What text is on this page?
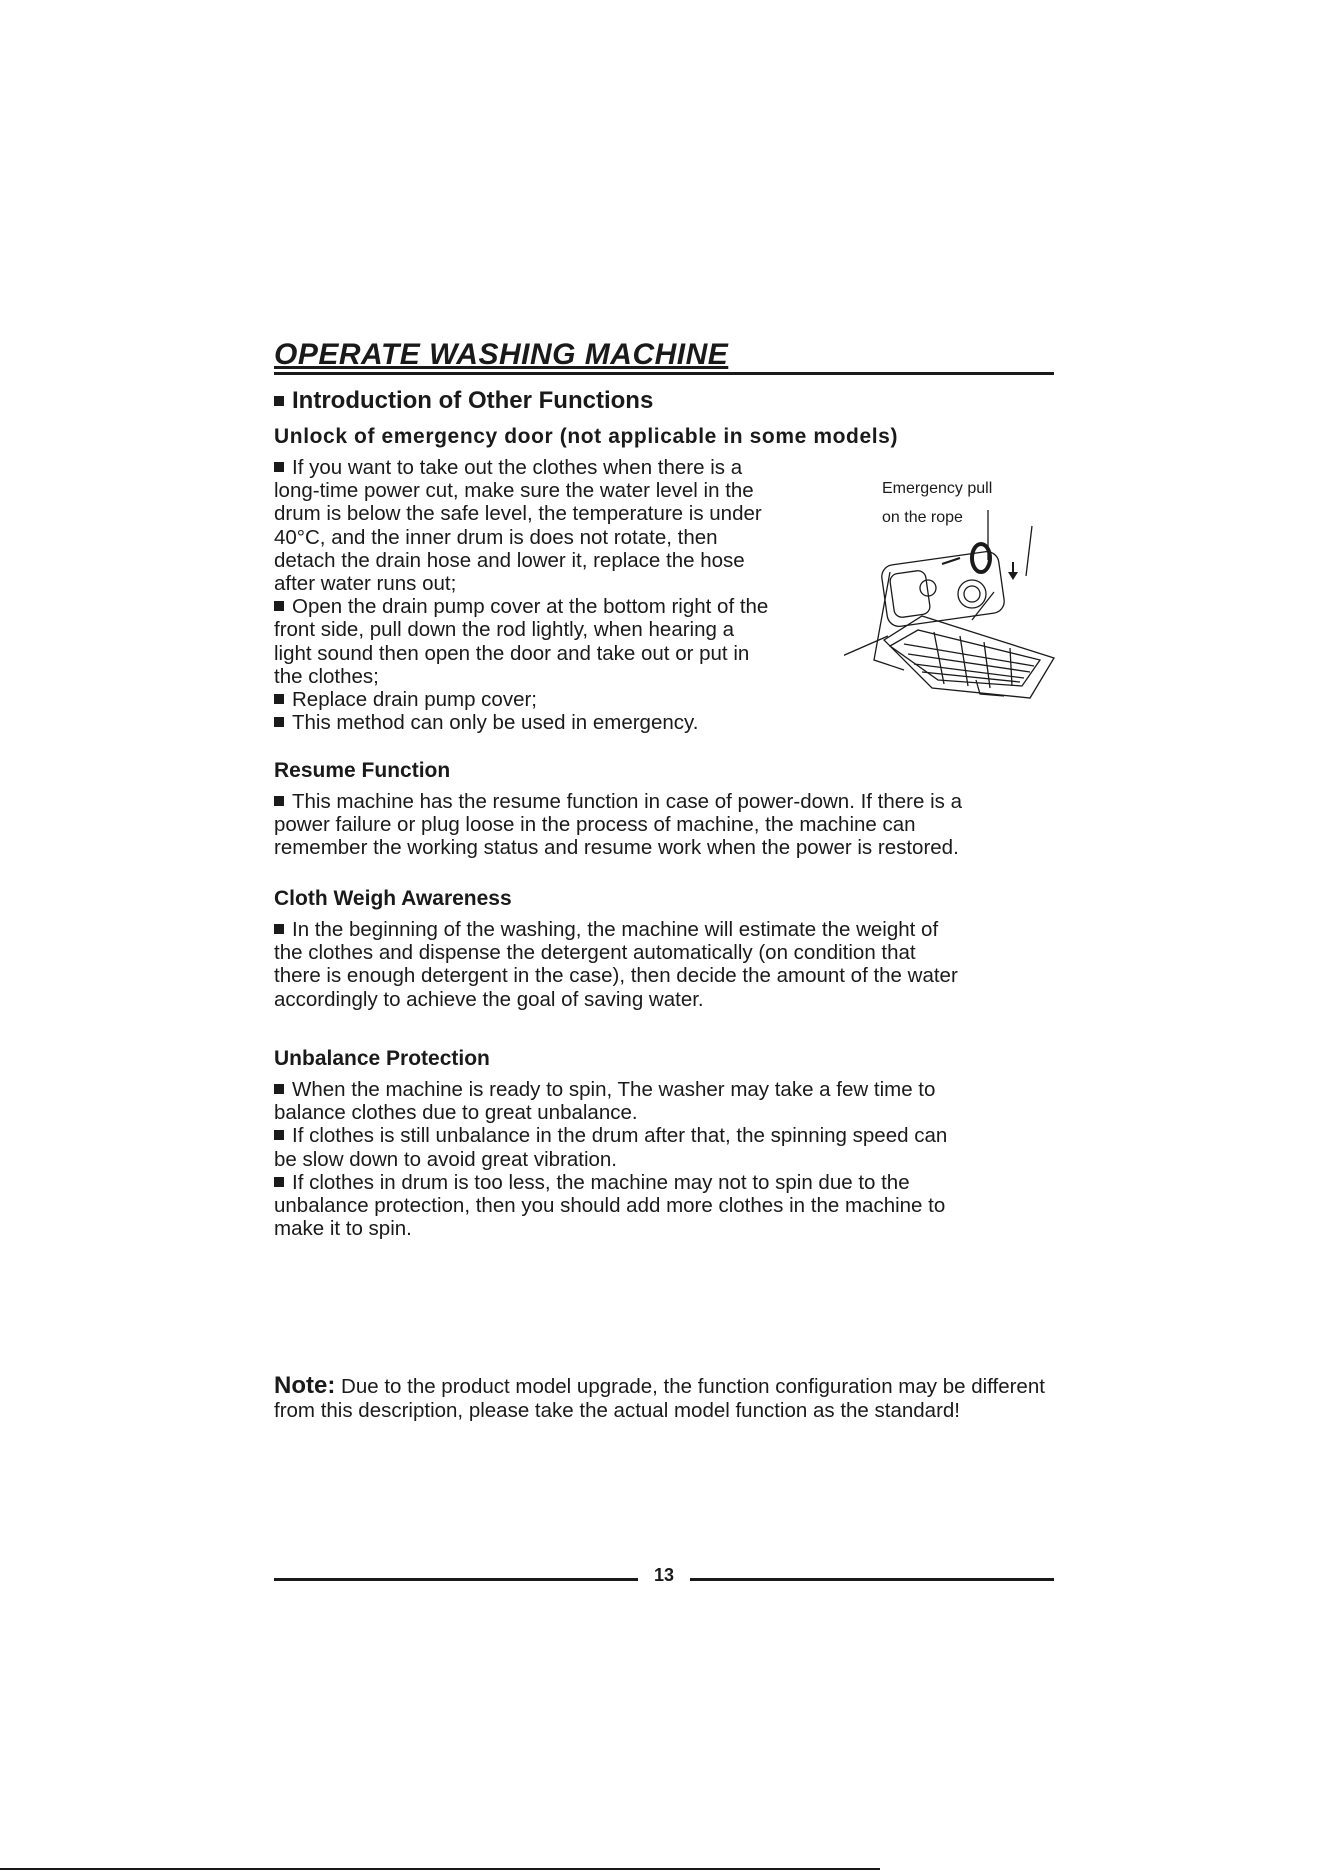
OPERATE WASHING MACHINE
Introduction of Other Functions
Unlock of emergency door (not applicable in some models)

If you want to take out the clothes when there is a

long-time power cut, make sure the water level in the

drum is below the safe level, the temperature is under

40°C, and the inner drum is does not rotate, then

detach the drain hose and lower it, replace the hose

after water runs out;

Open the drain pump cover at the bottom right of the

front side, pull down the rod lightly, when hearing a

light sound then open the door and take out or put in

the clothes;

Replace drain pump cover;

This method can only be used in emergency.

Emergency pull
on the rope
Resume Function

This machine has the resume function in case of power-down. If there is a

power failure or plug loose in the process of machine, the machine can

remember the working status and resume work when the power is restored.

Cloth Weigh Awareness

In the beginning of the washing, the machine will estimate the weight of

the clothes and dispense the detergent automatically (on condition that

there is enough detergent in the case), then decide the amount of the water

accordingly to achieve the goal of saving water.

Unbalance Protection

When the machine is ready to spin, The washer may take a few time to

balance clothes due to great unbalance.

If clothes is still unbalance in the drum after that, the spinning speed can

be slow down to avoid great vibration.

If clothes in drum is too less, the machine may not to spin due to the

unbalance protection, then you should add more clothes in the machine to

make it to spin.

Note: Due to the product model upgrade, the function configuration may be different from this description, please take the actual model function as the standard!
13
